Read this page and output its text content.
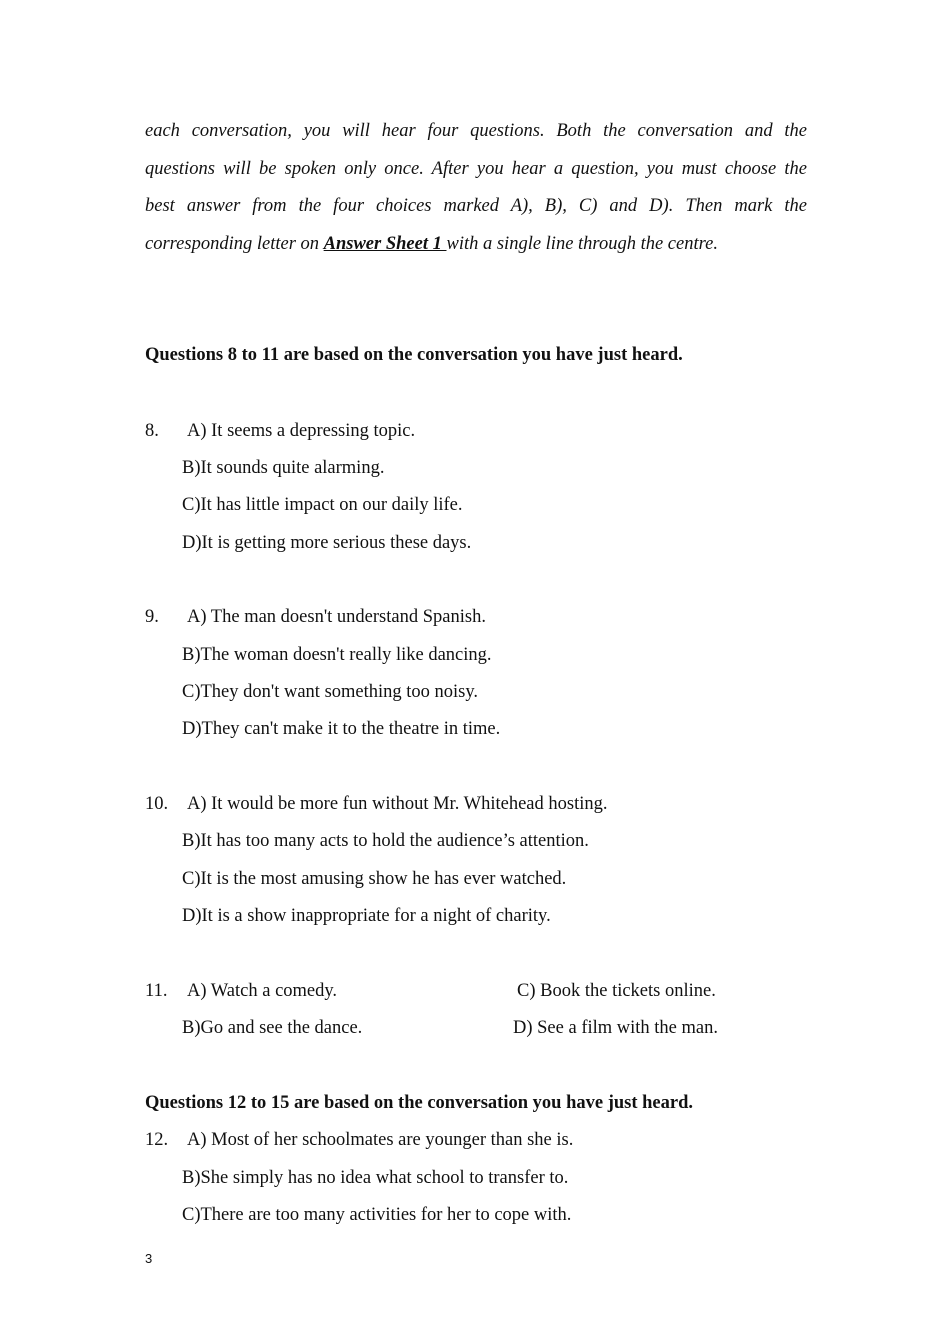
each conversation, you will hear four questions. Both the conversation and the
questions will be spoken only once. After you hear a question, you must choose the
best answer from the four choices marked A), B), C) and D). Then mark the
corresponding letter on Answer Sheet 1 with a single line through the centre.
Questions 8 to 11 are based on the conversation you have just heard.
8. A) It seems a depressing topic.
B)It sounds quite alarming.
C)It has little impact on our daily life.
D)It is getting more serious these days.
9. A) The man doesn't understand Spanish.
B)The woman doesn't really like dancing.
C)They don't want something too noisy.
D)They can't make it to the theatre in time.
10. A) It would be more fun without Mr. Whitehead hosting.
B)It has too many acts to hold the audience’s attention.
C)It is the most amusing show he has ever watched.
D)It is a show inappropriate for a night of charity.
11. A) Watch a comedy.	C) Book the tickets online.
B)Go and see the dance.	D) See a film with the man.
Questions 12 to 15 are based on the conversation you have just heard.
12. A) Most of her schoolmates are younger than she is.
B)She simply has no idea what school to transfer to.
C)There are too many activities for her to cope with.
3
